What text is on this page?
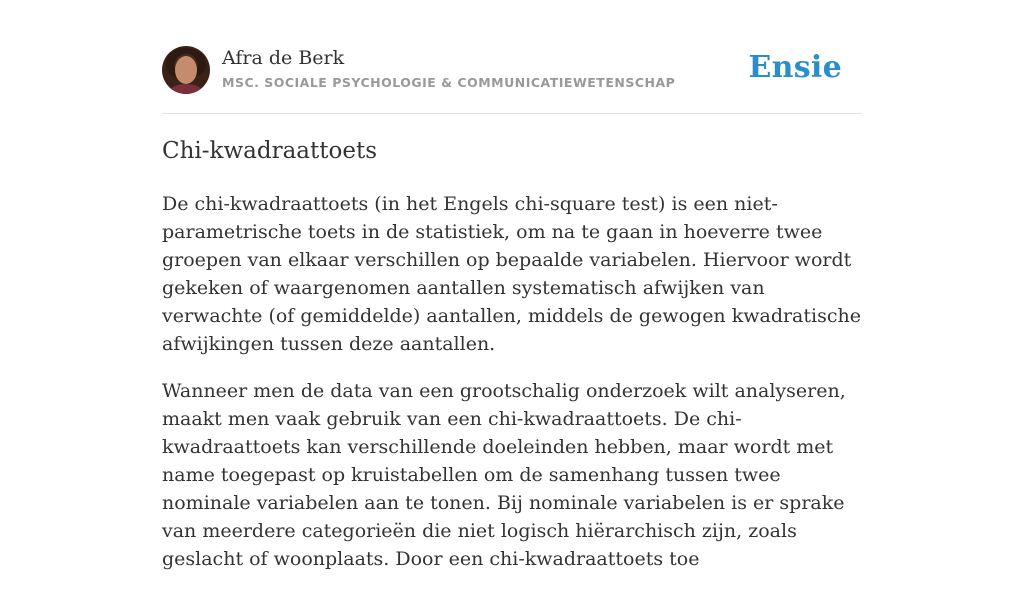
Afra de Berk
MSC. SOCIALE PSYCHOLOGIE & COMMUNICATIEWETENSCHAP Ensie
Chi-kwadraattoets

De chi-kwadraattoets (in het Engels chi-square test) is een niet-parametrische toets in de statistiek, om na te gaan in hoeverre twee groepen van elkaar verschillen op bepaalde variabelen. Hiervoor wordt gekeken of waargenomen aantallen systematisch afwijken van verwachte (of gemiddelde) aantallen, middels de gewogen kwadratische afwijkingen tussen deze aantallen.

Wanneer men de data van een grootschalig onderzoek wilt analyseren, maakt men vaak gebruik van een chi-kwadraattoets. De chi-kwadraattoets kan verschillende doeleinden hebben, maar wordt met name toegepast op kruistabellen om de samenhang tussen twee nominale variabelen aan te tonen. Bij nominale variabelen is er sprake van meerdere categorieën die niet logisch hiërarchisch zijn, zoals geslacht of woonplaats. Door een chi-kwadraattoets toe
